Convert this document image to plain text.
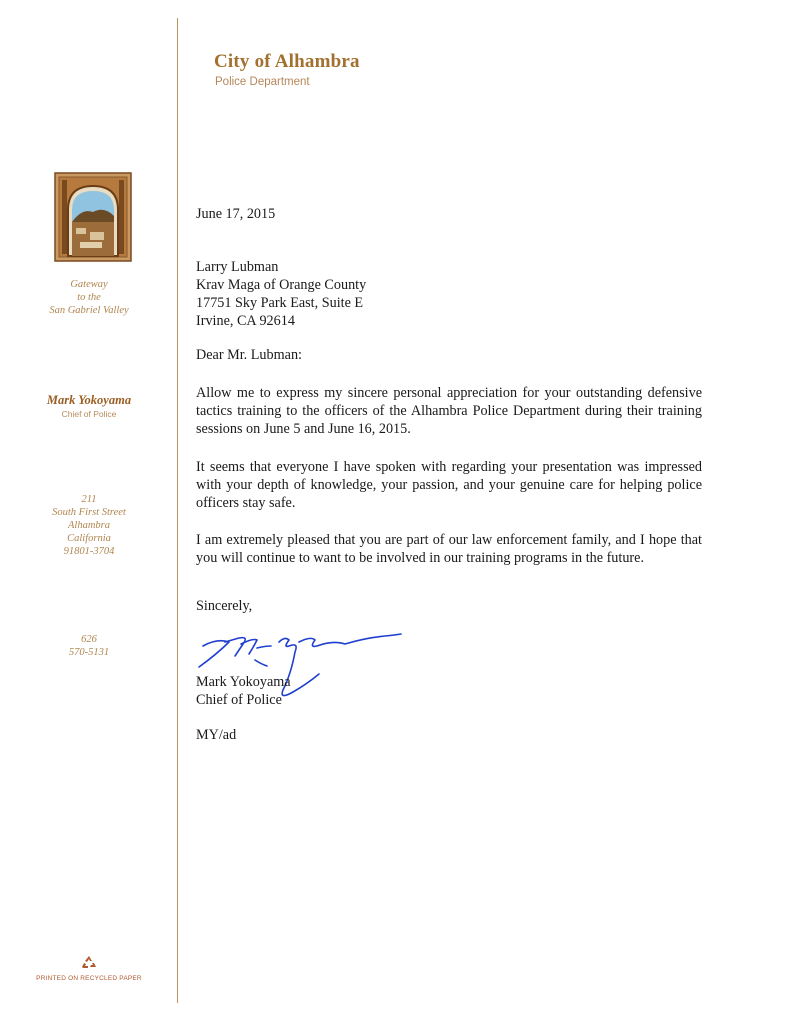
City of Alhambra
Police Department
Gateway
to the
San Gabriel Valley
Mark Yokoyama
Chief of Police
211
South First Street
Alhambra
California
91801-3704
626
570-5131
PRINTED ON RECYCLED PAPER
June 17, 2015
Larry Lubman
Krav Maga of Orange County
17751 Sky Park East, Suite E
Irvine, CA 92614
Dear Mr. Lubman:
Allow me to express my sincere personal appreciation for your outstanding defensive tactics training to the officers of the Alhambra Police Department during their training sessions on June 5 and June 16, 2015.
It seems that everyone I have spoken with regarding your presentation was impressed with your depth of knowledge, your passion, and your genuine care for helping police officers stay safe.
I am extremely pleased that you are part of our law enforcement family, and I hope that you will continue to want to be involved in our training programs in the future.
Sincerely,
Mark Yokoyama
Chief of Police
MY/ad
